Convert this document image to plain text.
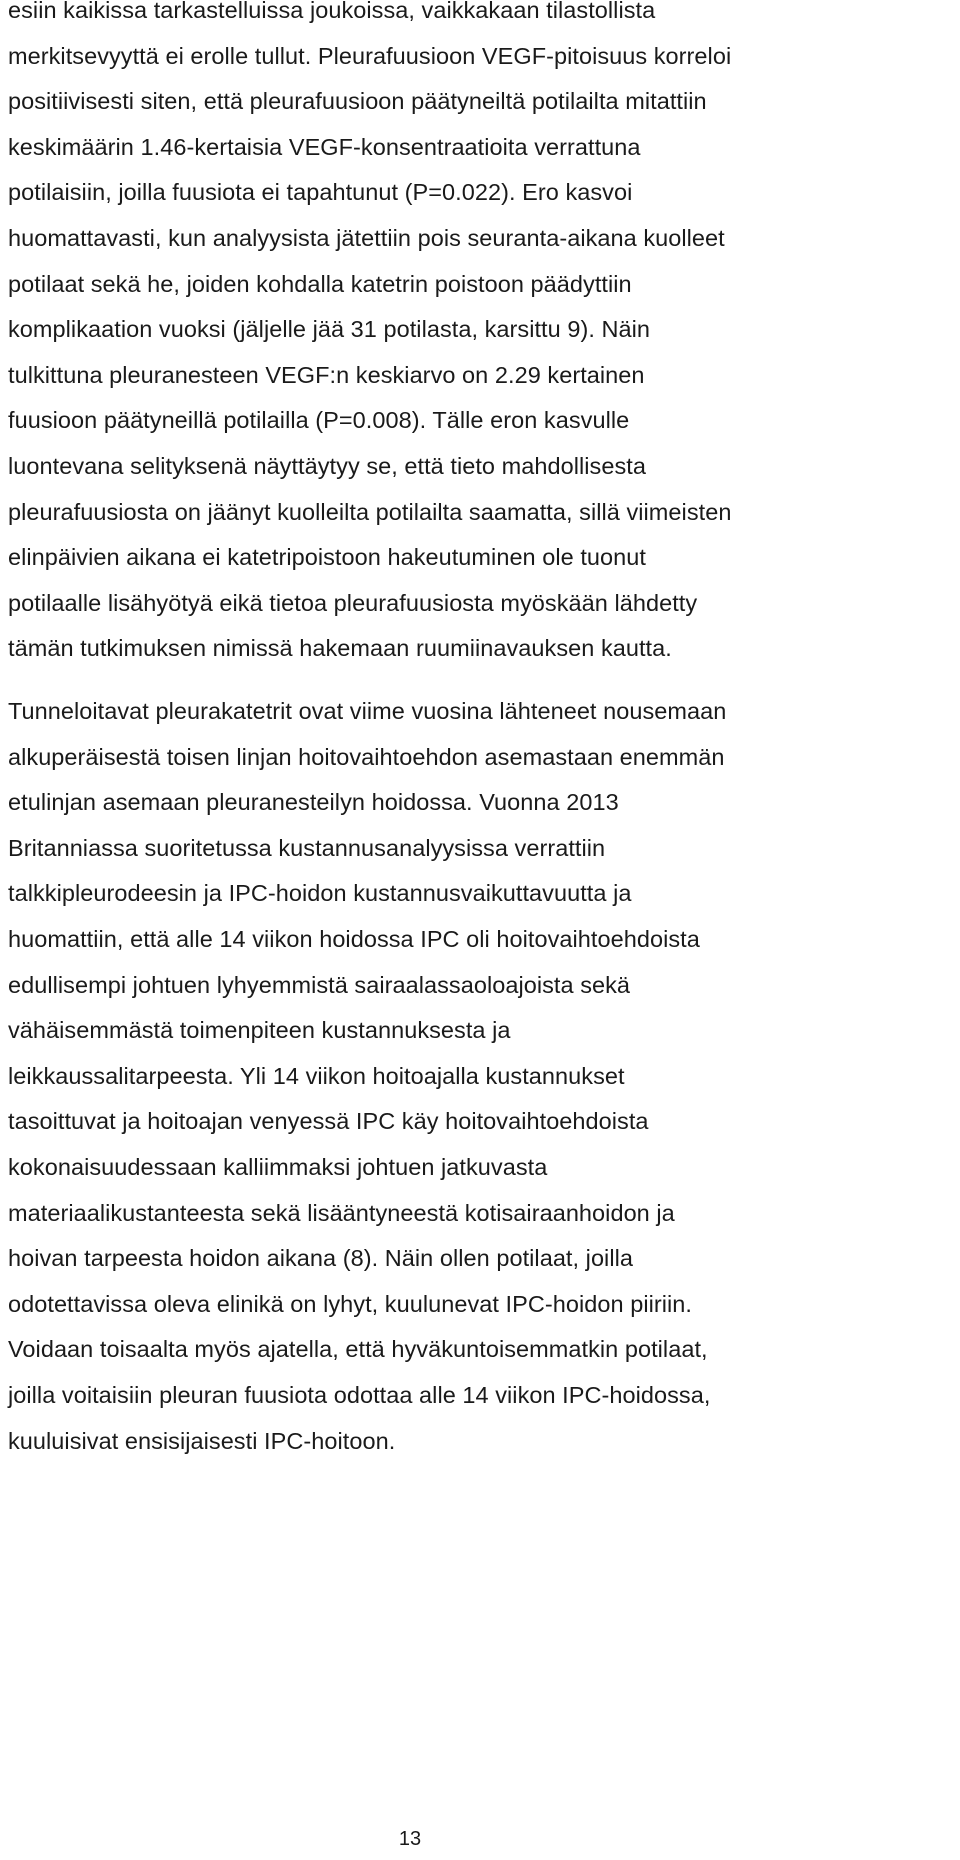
esiin kaikissa tarkastelluissa joukoissa, vaikkakaan tilastollista
merkitsevyyttä ei erolle tullut. Pleurafuusioon VEGF-pitoisuus korreloi
positiivisesti siten, että pleurafuusioon päätyneiltä potilailta mitattiin
keskimäärin 1.46-kertaisia VEGF-konsentraatioita verrattuna
potilaisiin, joilla fuusiota ei tapahtunut (P=0.022). Ero kasvoi
huomattavasti, kun analyysista jätettiin pois seuranta-aikana kuolleet
potilaat sekä he, joiden kohdalla katetrin poistoon päädyttiin
komplikaation vuoksi (jäljelle jää 31 potilasta, karsittu 9). Näin
tulkittuna pleuranesteen VEGF:n keskiarvo on 2.29 kertainen
fuusioon päätyneillä potilailla (P=0.008). Tälle eron kasvulle
luontevana selityksenä näyttäytyy se, että tieto mahdollisesta
pleurafuusiosta on jäänyt kuolleilta potilailta saamatta, sillä viimeisten
elinpäivien aikana ei katetripoistoon hakeutuminen ole tuonut
potilaalle lisähyötyä eikä tietoa pleurafuusiosta myöskään lähdetty
tämän tutkimuksen nimissä hakemaan ruumiinavauksen kautta.
Tunneloitavat pleurakatetrit ovat viime vuosina lähteneet nousemaan
alkuperäisestä toisen linjan hoitovaihtoehdon asemastaan enemmän
etulinjan asemaan pleuranesteilyn hoidossa. Vuonna 2013
Britanniassa suoritetussa kustannusanalyysissa verrattiin
talkkipleurodeesin ja IPC-hoidon kustannusvaikuttavuutta ja
huomattiin, että alle 14 viikon hoidossa IPC oli hoitovaihtoehdoista
edullisempi johtuen lyhyemmistä sairaalassaoloajoista sekä
vähäisemmästä toimenpiteen kustannuksesta ja
leikkaussalitarpeesta. Yli 14 viikon hoitoajalla kustannukset
tasoittuvat ja hoitoajan venyessä IPC käy hoitovaihtoehdoista
kokonaisuudessaan kalliimmaksi johtuen jatkuvasta
materiaalikustanteesta sekä lisääntyneestä kotisairaanhoidon ja
hoivan tarpeesta hoidon aikana (8). Näin ollen potilaat, joilla
odotettavissa oleva elinikä on lyhyt, kuulunevat IPC-hoidon piiriin.
Voidaan toisaalta myös ajatella, että hyväkuntoisemmatkin potilaat,
joilla voitaisiin pleuran fuusiota odottaa alle 14 viikon IPC-hoidossa,
kuuluisivat ensisijaisesti IPC-hoitoon.
13
